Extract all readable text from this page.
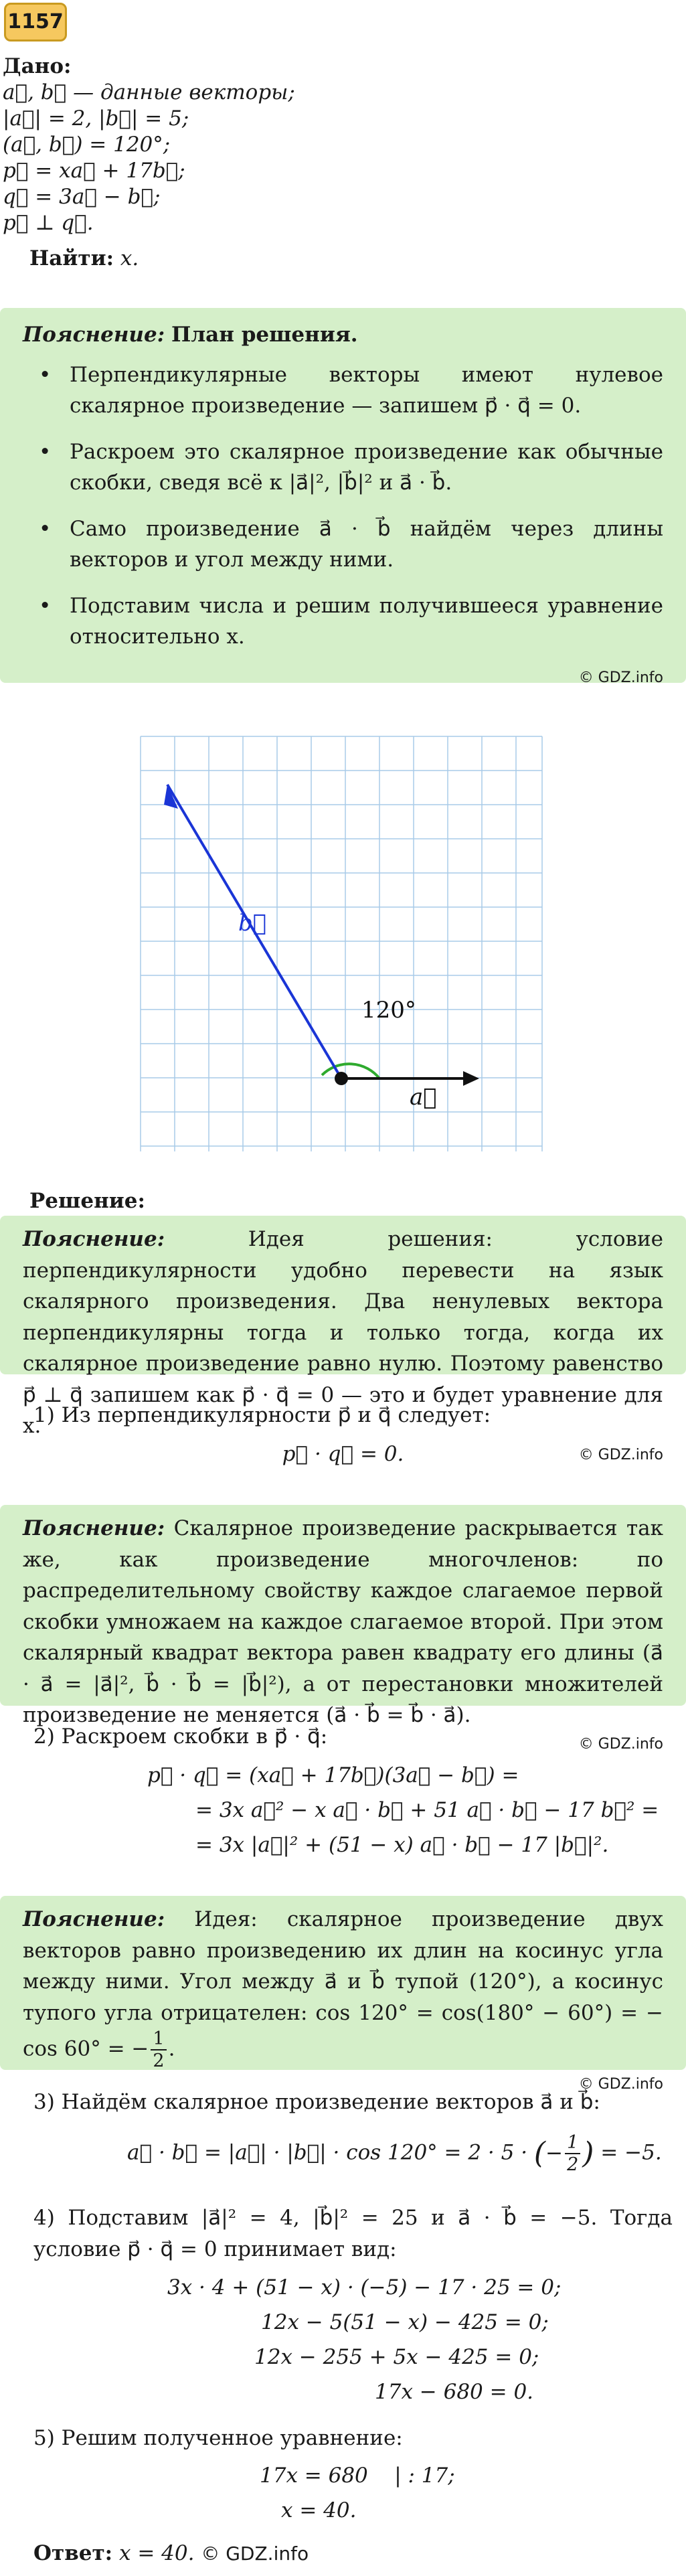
1157
Дано:
a⃗, b⃗ — данные векторы;
|a⃗| = 2, |b⃗| = 5;
(a⃗, b⃗) = 120°;
p⃗ = xa⃗ + 17b⃗;
q⃗ = 3a⃗ − b⃗;
p⃗ ⊥ q⃗.
Найти: x.
Пояснение: План решения.
• Перпендикулярные векторы имеют нулевое скалярное произведение — запишем p⃗ · q⃗ = 0.
• Раскроем это скалярное произведение как обычные скобки, сведя всё к |a⃗|², |b⃗|² и a⃗ · b⃗.
• Само произведение a⃗ · b⃗ найдём через длины векторов и угол между ними.
• Подставим числа и решим получившееся уравнение относительно x.
© GDZ.info
120°
b⃗
a⃗
Решение:
Пояснение:	Идея решения: условие перпендикулярности удобно перевести на язык скалярного произведения. Два ненулевых вектора перпендикулярны тогда и только тогда, когда их скалярное произведение равно нулю. Поэтому равенство p⃗ ⊥ q⃗ запишем как p⃗ · q⃗ = 0 — это и будет уравнение для x.
© GDZ.info
1) Из перпендикулярности p⃗ и q⃗ следует:
p⃗ · q⃗ = 0.
Пояснение: Скалярное произведение раскрывается так же, как произведение многочленов: по распределительному свойству каждое слагаемое первой скобки умножаем на каждое слагаемое второй. При этом скалярный квадрат вектора равен квадрату его длины (a⃗ · a⃗ = |a⃗|², b⃗ · b⃗ = |b⃗|²), а от перестановки множителей произведение не меняется (a⃗ · b⃗ = b⃗ · a⃗).
© GDZ.info
2) Раскроем скобки в p⃗ · q⃗:
p⃗ · q⃗ = (xa⃗ + 17b⃗)(3a⃗ − b⃗) =
= 3x a⃗² − x a⃗ · b⃗ + 51 a⃗ · b⃗ − 17 b⃗² =
= 3x |a⃗|² + (51 − x) a⃗ · b⃗ − 17 |b⃗|².
Пояснение: Идея: скалярное произведение двух векторов равно произведению их длин на косинус угла между ними. Угол между a⃗ и b⃗ тупой (120°), а косинус тупого угла отрицателен: cos 120° = cos(180° − 60°) = − cos 60° = − $\frac{1}{2}$ .
© GDZ.info
3) Найдём скалярное произведение векторов a⃗ и b⃗:
a⃗ · b⃗ = |a⃗| · |b⃗| · cos 120° = 2 · 5 · (− $\frac{1}{2}$ ) = −5.
4) Подставим |a⃗|² = 4, |b⃗|² = 25 и a⃗ · b⃗ = −5. Тогда условие p⃗ · q⃗ = 0 принимает вид:
3x · 4 + (51 − x) · (−5) − 17 · 25 = 0;
12x − 5(51 − x) − 425 = 0;
12x − 255 + 5x − 425 = 0;
17x − 680 = 0.
5) Решим полученное уравнение:
17x = 680    | : 17;
x = 40.
Ответ: x = 40. © GDZ.info
